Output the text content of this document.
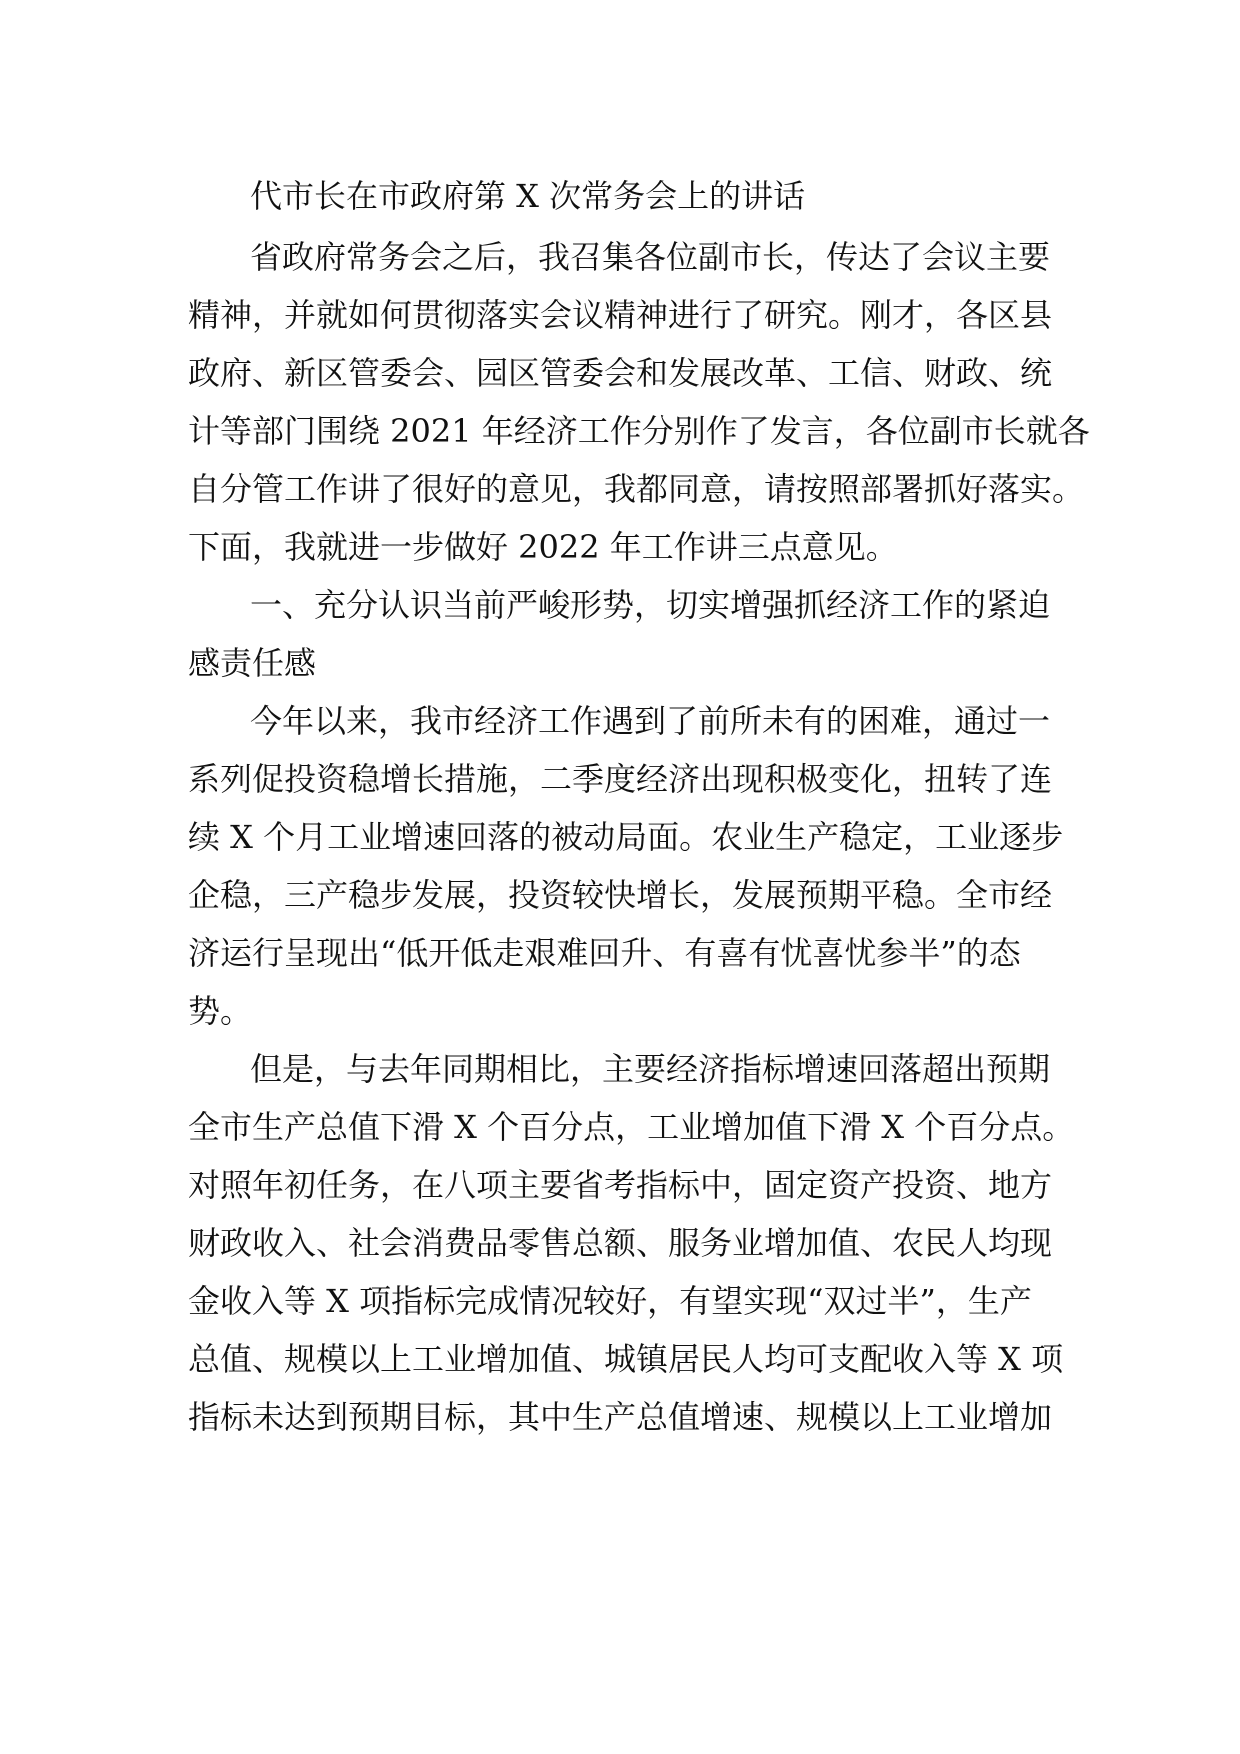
代市长在市政府第 X 次常务会上的讲话
省政府常务会之后，我召集各位副市长，传达了会议主要
精神，并就如何贯彻落实会议精神进行了研究。刚才，各区县
政府、新区管委会、园区管委会和发展改革、工信、财政、统
计等部门围绕 2021 年经济工作分别作了发言，各位副市长就各
自分管工作讲了很好的意见，我都同意，请按照部署抓好落实。
下面，我就进一步做好 2022 年工作讲三点意见。
一、充分认识当前严峻形势，切实增强抓经济工作的紧迫
感责任感
今年以来，我市经济工作遇到了前所未有的困难，通过一
系列促投资稳增长措施，二季度经济出现积极变化，扭转了连
续 X 个月工业增速回落的被动局面。农业生产稳定，工业逐步
企稳，三产稳步发展，投资较快增长，发展预期平稳。全市经
济运行呈现出“低开低走艰难回升、有喜有忧喜忧参半”的态
势。
但是，与去年同期相比，主要经济指标增速回落超出预期
全市生产总值下滑 X 个百分点，工业增加值下滑 X 个百分点。
对照年初任务，在八项主要省考指标中，固定资产投资、地方
财政收入、社会消费品零售总额、服务业增加值、农民人均现
金收入等 X 项指标完成情况较好，有望实现“双过半”，生产
总值、规模以上工业增加值、城镇居民人均可支配收入等 X 项
指标未达到预期目标，其中生产总值增速、规模以上工业增加
